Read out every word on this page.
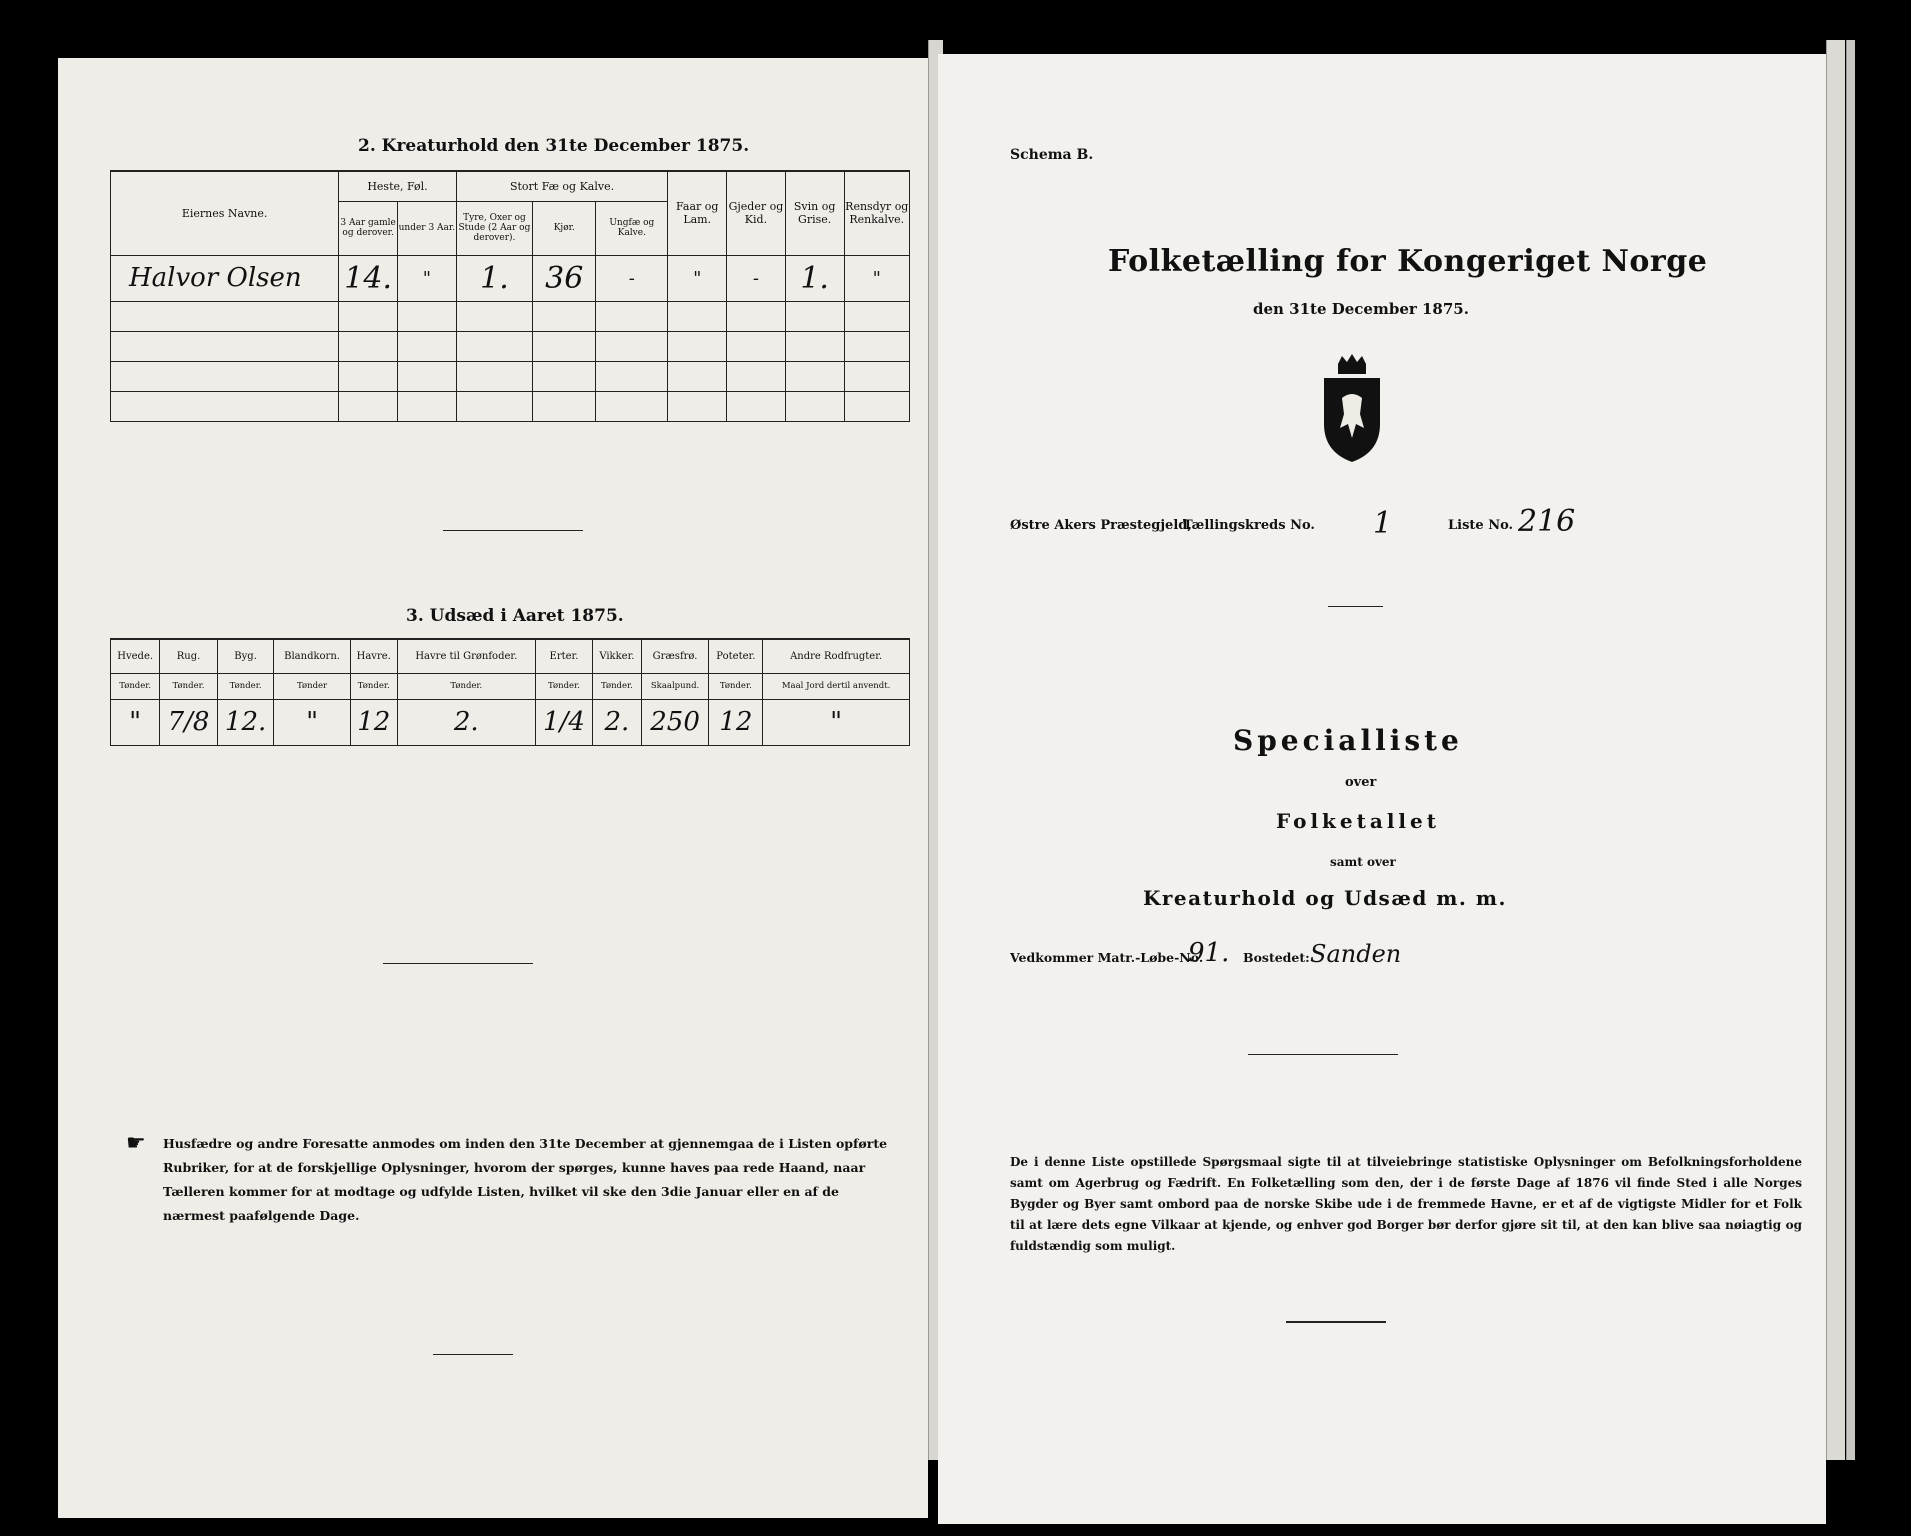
2. Kreaturhold den 31te December 1875.
Eiernes Navne.	Heste, Føl.		Stort Fæ og Kalve.			Faar og Lam.	Gjeder og Kid.	Svin og Grise.	Rensdyr og Renkalve.
	3 Aar gamle og derover.	under 3 Aar.	Tyre, Oxer og Stude (2 Aar og derover).	Kjør.	Ungfæ og Kalve.				
Halvor Olsen	14.	"	1.	36	-	"	-	1.	"

3. Udsæd i Aaret 1875.
Hvede.	Rug.	Byg.	Blandkorn.	Havre.	Havre til Grønfoder.	Erter.	Vikker.	Græsfrø.	Poteter.	Andre Rodfrugter.
Tønder.	Tønder.	Tønder.	Tønder	Tønder.	Tønder.	Tønder.	Tønder.	Skaalpund.	Tønder.	Maal Jord dertil anvendt.
"	7/8	12.	"	12	2.	1/4	2.	250	12	"
☛ Husfædre og andre Foresatte anmodes om inden den 31te December at gjennemgaa de i Listen opførte Rubriker, for at de forskjellige Oplysninger, hvorom der spørges, kunne haves paa rede Haand, naar Tælleren kommer for at modtage og udfylde Listen, hvilket vil ske den 3die Januar eller en af de nærmest paafølgende Dage.
Schema B.
Folketælling for Kongeriget Norge
den 31te December 1875.
Østre Akers Præstegjeld,
Tællingskreds No. 1	Liste No. 216
Specialliste
over
Folketallet
samt over
Kreaturhold og Udsæd m. m.
Vedkommer Matr.-Løbe-No.
91. Bostedet: Sanden
De i denne Liste opstillede Spørgsmaal sigte til at tilveiebringe statistiske Oplysninger om Befolkningsforholdene samt om Agerbrug og Fædrift. En Folketælling som den, der i de første Dage af 1876 vil finde Sted i alle Norges Bygder og Byer samt ombord paa de norske Skibe ude i de fremmede Havne, er et af de vigtigste Midler for et Folk til at lære dets egne Vilkaar at kjende, og enhver god Borger bør derfor gjøre sit til, at den kan blive saa nøiagtig og fuldstændig som muligt.
